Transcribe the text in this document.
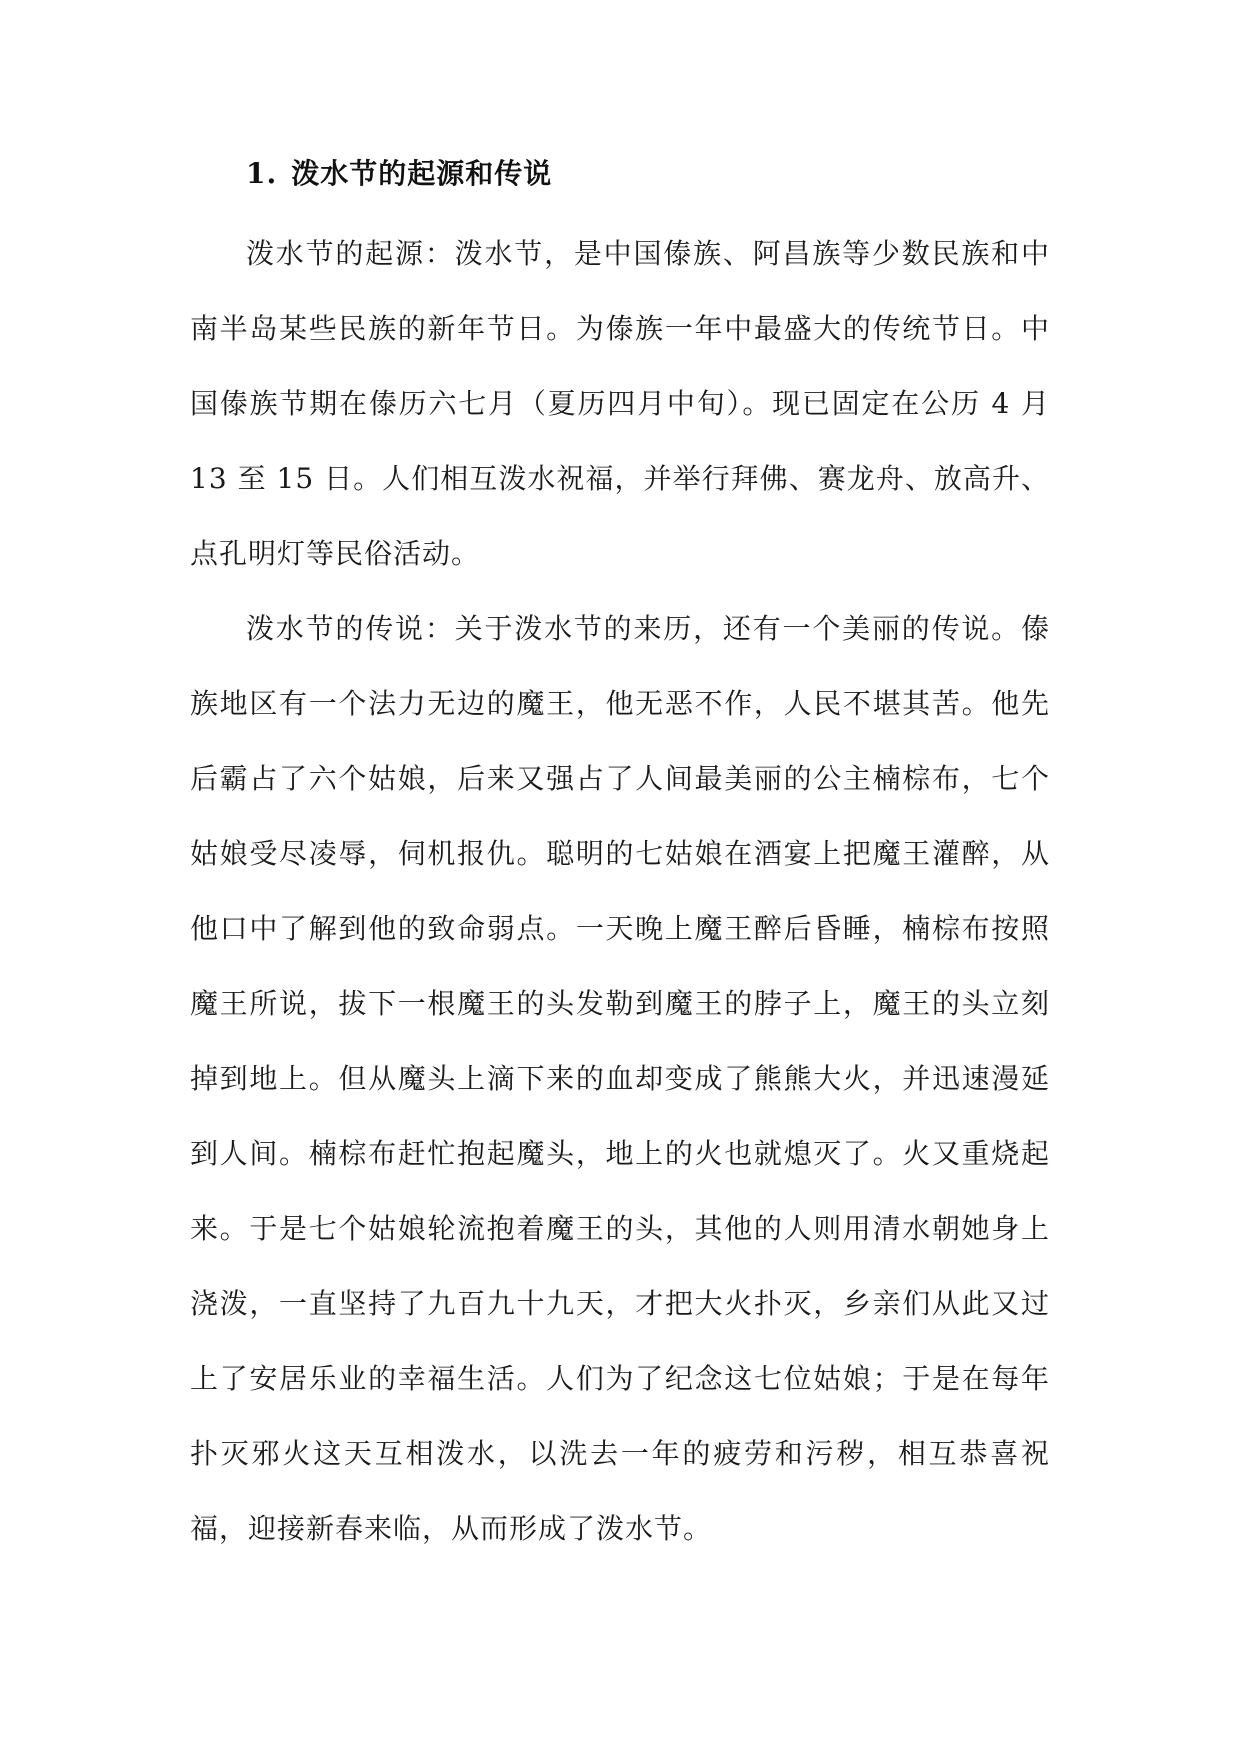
1. 泼水节的起源和传说

泼水节的起源：泼水节，是中国傣族、阿昌族等少数民族和中南半岛某些民族的新年节日。为傣族一年中最盛大的传统节日。中国傣族节期在傣历六七月（夏历四月中旬）。现已固定在公历 4 月 13 至 15 日。人们相互泼水祝福，并举行拜佛、赛龙舟、放高升、点孔明灯等民俗活动。

泼水节的传说：关于泼水节的来历，还有一个美丽的传说。傣族地区有一个法力无边的魔王，他无恶不作，人民不堪其苦。他先后霸占了六个姑娘，后来又强占了人间最美丽的公主楠棕布，七个姑娘受尽凌辱，伺机报仇。聪明的七姑娘在酒宴上把魔王灌醉，从他口中了解到他的致命弱点。一天晚上魔王醉后昏睡，楠棕布按照魔王所说，拔下一根魔王的头发勒到魔王的脖子上，魔王的头立刻掉到地上。但从魔头上滴下来的血却变成了熊熊大火，并迅速漫延到人间。楠棕布赶忙抱起魔头，地上的火也就熄灭了。火又重烧起来。于是七个姑娘轮流抱着魔王的头，其他的人则用清水朝她身上浇泼，一直坚持了九百九十九天，才把大火扑灭，乡亲们从此又过上了安居乐业的幸福生活。人们为了纪念这七位姑娘；于是在每年扑灭邪火这天互相泼水，以洗去一年的疲劳和污秽，相互恭喜祝福，迎接新春来临，从而形成了泼水节。
